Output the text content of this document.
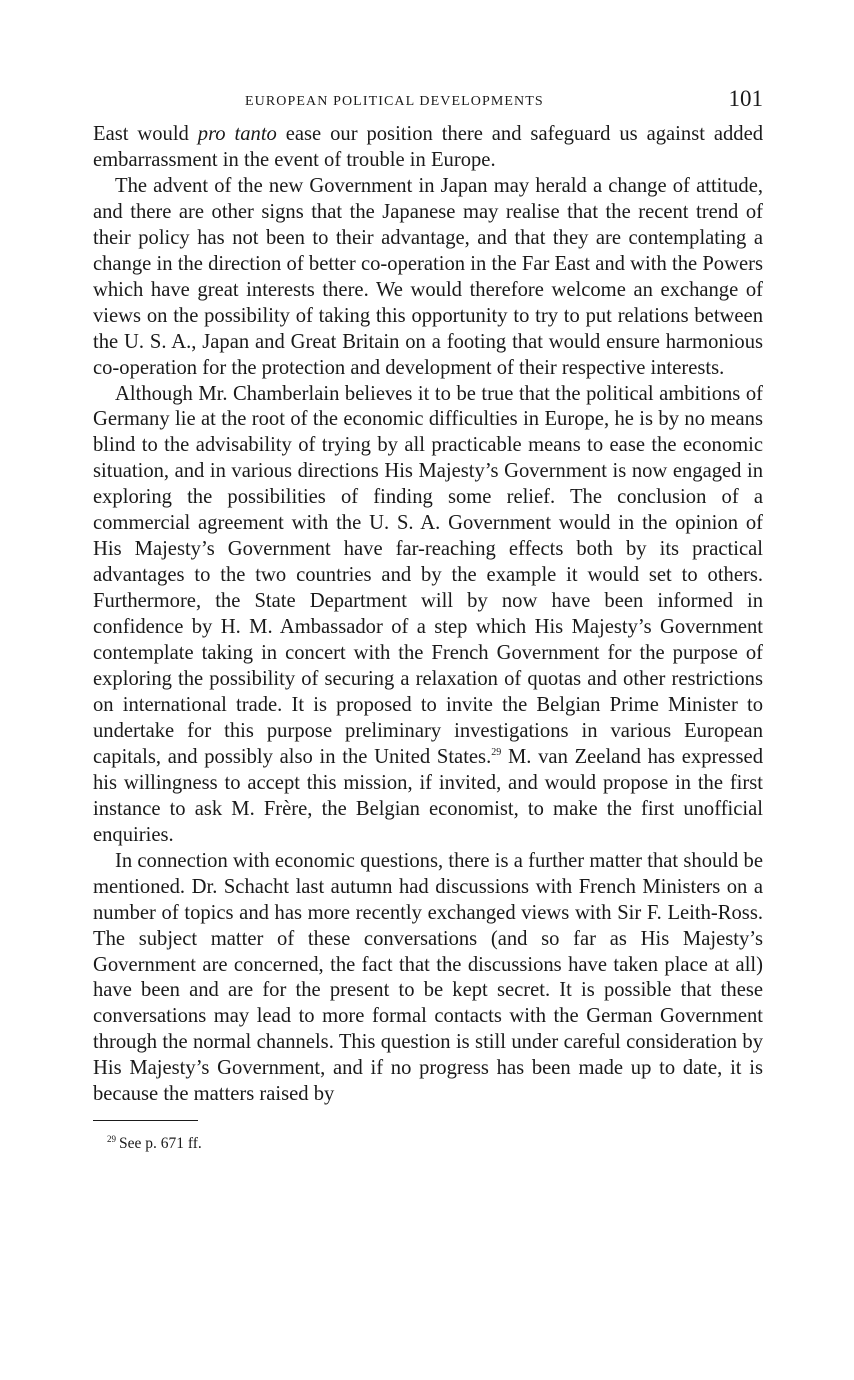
EUROPEAN POLITICAL DEVELOPMENTS	101

East would pro tanto ease our position there and safeguard us against added embarrassment in the event of trouble in Europe.

The advent of the new Government in Japan may herald a change of attitude, and there are other signs that the Japanese may realise that the recent trend of their policy has not been to their advantage, and that they are contemplating a change in the direction of better co-operation in the Far East and with the Powers which have great interests there. We would therefore welcome an exchange of views on the possibility of taking this opportunity to try to put relations between the U. S. A., Japan and Great Britain on a footing that would ensure harmonious co-operation for the protection and development of their respective interests.

Although Mr. Chamberlain believes it to be true that the political ambitions of Germany lie at the root of the economic difficulties in Europe, he is by no means blind to the advisability of trying by all practicable means to ease the economic situation, and in various directions His Majesty’s Government is now engaged in exploring the possibilities of finding some relief. The conclusion of a commercial agreement with the U. S. A. Government would in the opinion of His Majesty’s Government have far-reaching effects both by its practical advantages to the two countries and by the example it would set to others. Furthermore, the State Department will by now have been informed in confidence by H. M. Ambassador of a step which His Majesty’s Government contemplate taking in concert with the French Government for the purpose of exploring the possibility of securing a relaxation of quotas and other restrictions on international trade. It is proposed to invite the Belgian Prime Minister to undertake for this purpose preliminary investigations in various European capitals, and possibly also in the United States.$^{29}$ M. van Zeeland has expressed his willingness to accept this mission, if invited, and would propose in the first instance to ask M. Frère, the Belgian economist, to make the first unofficial enquiries.

In connection with economic questions, there is a further matter that should be mentioned. Dr. Schacht last autumn had discussions with French Ministers on a number of topics and has more recently exchanged views with Sir F. Leith-Ross. The subject matter of these conversations (and so far as His Majesty’s Government are concerned, the fact that the discussions have taken place at all) have been and are for the present to be kept secret. It is possible that these conversations may lead to more formal contacts with the German Government through the normal channels. This question is still under careful consideration by His Majesty’s Government, and if no progress has been made up to date, it is because the matters raised by

$^{29}$ See p. 671 ff.
